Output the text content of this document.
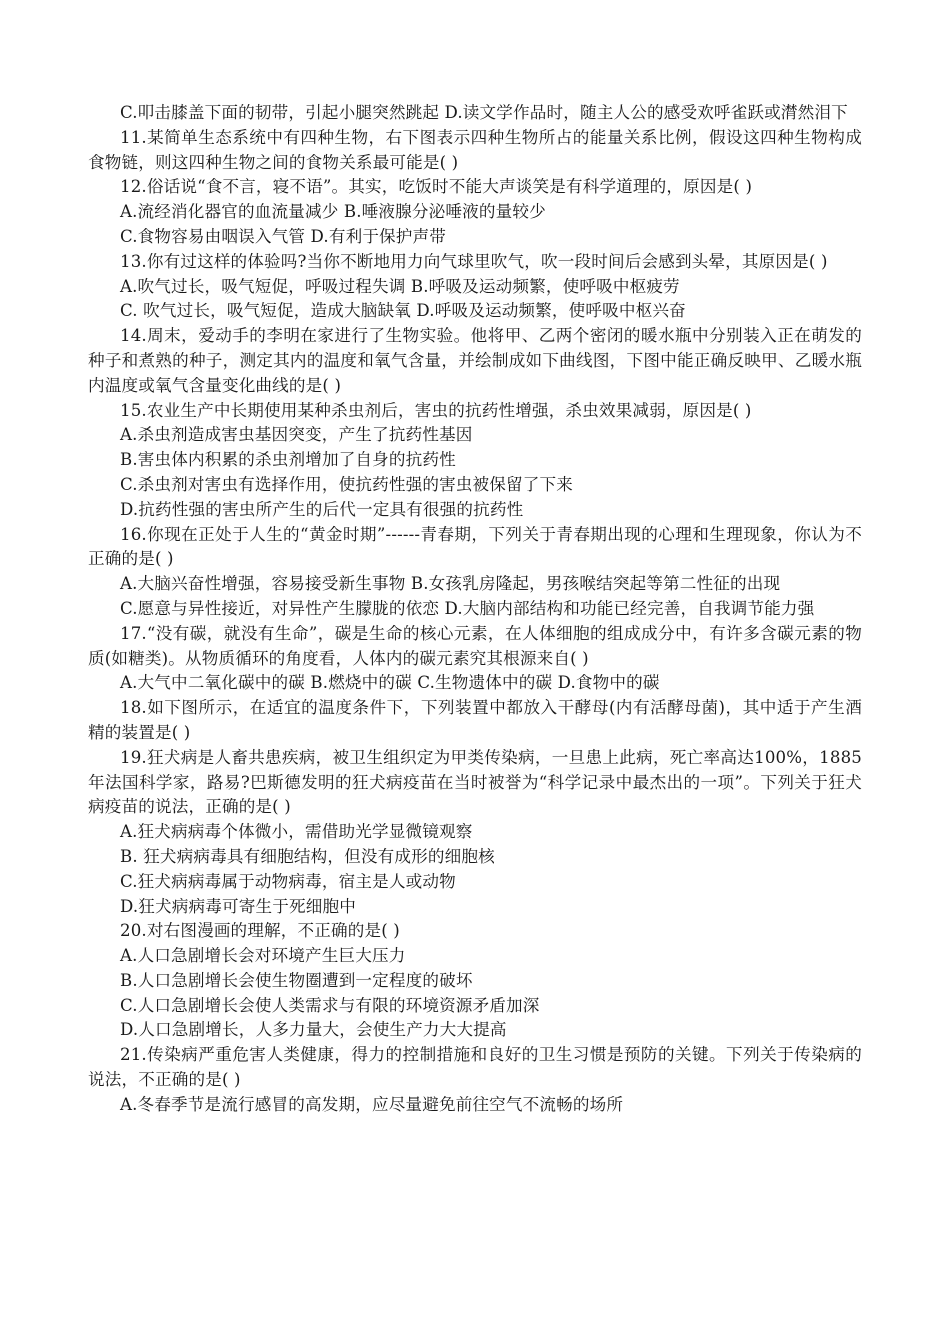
C.叩击膝盖下面的韧带，引起小腿突然跳起 D.读文学作品时，随主人公的感受欢呼雀跃或潸然泪下

11.某简单生态系统中有四种生物，右下图表示四种生物所占的能量关系比例，假设这四种生物构成食物链，则这四种生物之间的食物关系最可能是( )

12.俗话说“食不言，寝不语”。其实，吃饭时不能大声谈笑是有科学道理的，原因是( )

A.流经消化器官的血流量减少 B.唾液腺分泌唾液的量较少

C.食物容易由咽误入气管 D.有利于保护声带

13.你有过这样的体验吗?当你不断地用力向气球里吹气，吹一段时间后会感到头晕，其原因是( )

A.吹气过长，吸气短促，呼吸过程失调 B.呼吸及运动频繁，使呼吸中枢疲劳

C. 吹气过长，吸气短促，造成大脑缺氧 D.呼吸及运动频繁，使呼吸中枢兴奋

14.周末，爱动手的李明在家进行了生物实验。他将甲、乙两个密闭的暖水瓶中分别装入正在萌发的种子和煮熟的种子，测定其内的温度和氧气含量，并绘制成如下曲线图，下图中能正确反映甲、乙暖水瓶内温度或氧气含量变化曲线的是( )

15.农业生产中长期使用某种杀虫剂后，害虫的抗药性增强，杀虫效果减弱，原因是( )

A.杀虫剂造成害虫基因突变，产生了抗药性基因

B.害虫体内积累的杀虫剂增加了自身的抗药性

C.杀虫剂对害虫有选择作用，使抗药性强的害虫被保留了下来

D.抗药性强的害虫所产生的后代一定具有很强的抗药性

16.你现在正处于人生的“黄金时期”------青春期，下列关于青春期出现的心理和生理现象，你认为不正确的是( )

A.大脑兴奋性增强，容易接受新生事物 B.女孩乳房隆起，男孩喉结突起等第二性征的出现

C.愿意与异性接近，对异性产生朦胧的依恋 D.大脑内部结构和功能已经完善，自我调节能力强

17.“没有碳，就没有生命”，碳是生命的核心元素，在人体细胞的组成成分中，有许多含碳元素的物质(如糖类)。从物质循环的角度看，人体内的碳元素究其根源来自( )

A.大气中二氧化碳中的碳 B.燃烧中的碳 C.生物遗体中的碳 D.食物中的碳

18.如下图所示，在适宜的温度条件下，下列装置中都放入干酵母(内有活酵母菌)，其中适于产生酒精的装置是( )

19.狂犬病是人畜共患疾病，被卫生组织定为甲类传染病，一旦患上此病，死亡率高达100%，1885年法国科学家，路易?巴斯德发明的狂犬病疫苗在当时被誉为“科学记录中最杰出的一项”。下列关于狂犬病疫苗的说法，正确的是( )

A.狂犬病病毒个体微小，需借助光学显微镜观察

B. 狂犬病病毒具有细胞结构，但没有成形的细胞核

C.狂犬病病毒属于动物病毒，宿主是人或动物

D.狂犬病病毒可寄生于死细胞中

20.对右图漫画的理解，不正确的是( )

A.人口急剧增长会对环境产生巨大压力

B.人口急剧增长会使生物圈遭到一定程度的破坏

C.人口急剧增长会使人类需求与有限的环境资源矛盾加深

D.人口急剧增长，人多力量大，会使生产力大大提高

21.传染病严重危害人类健康，得力的控制措施和良好的卫生习惯是预防的关键。下列关于传染病的说法，不正确的是( )

A.冬春季节是流行感冒的高发期，应尽量避免前往空气不流畅的场所
